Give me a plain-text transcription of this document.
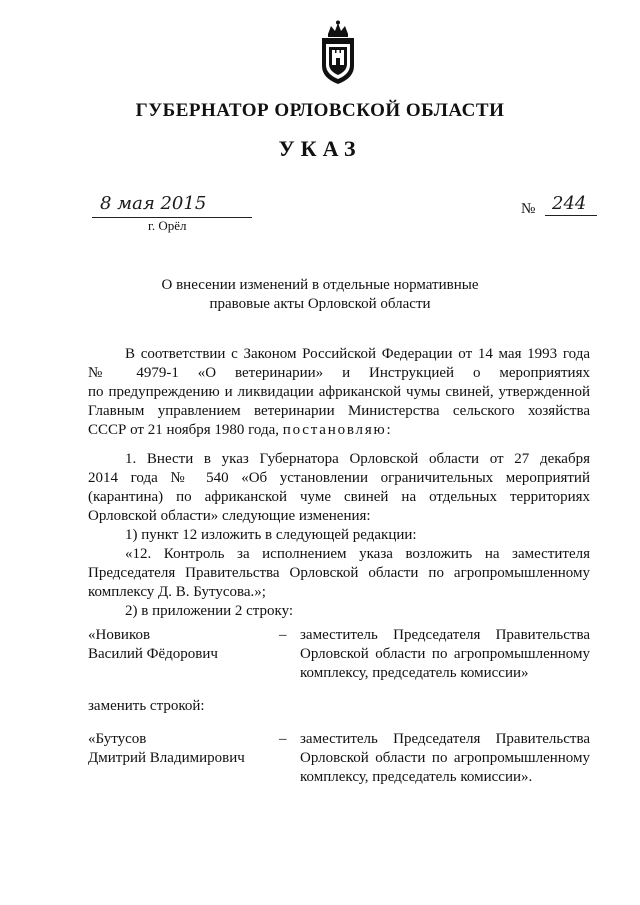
ГУБЕРНАТОР ОРЛОВСКОЙ ОБЛАСТИ
УКАЗ
8 мая 2015
г. Орёл
№ 244
О внесении изменений в отдельные нормативные
правовые акты Орловской области
В соответствии с Законом Российской Федерации от 14 мая 1993 года
№ 4979-1 «О ветеринарии» и Инструкцией о мероприятиях
по предупреждению и ликвидации африканской чумы свиней, утвержденной
Главным управлением ветеринарии Министерства сельского хозяйства
СССР от 21 ноября 1980 года, постановляю:
1. Внести в указ Губернатора Орловской области от 27 декабря
2014 года № 540 «Об установлении ограничительных мероприятий
(карантина) по африканской чуме свиней на отдельных территориях
Орловской области» следующие изменения:
1) пункт 12 изложить в следующей редакции:
«12. Контроль за исполнением указа возложить на заместителя
Председателя Правительства Орловской области по агропромышленному
комплексу Д. В. Бутусова.»;
2) в приложении 2 строку:
«Новиков
Василий Фёдорович
– заместитель Председателя Правительства
Орловской области по агропромышленному
комплексу, председатель комиссии»
заменить строкой:
«Бутусов
Дмитрий Владимирович
– заместитель Председателя Правительства
Орловской области по агропромышленному
комплексу, председатель комиссии».
